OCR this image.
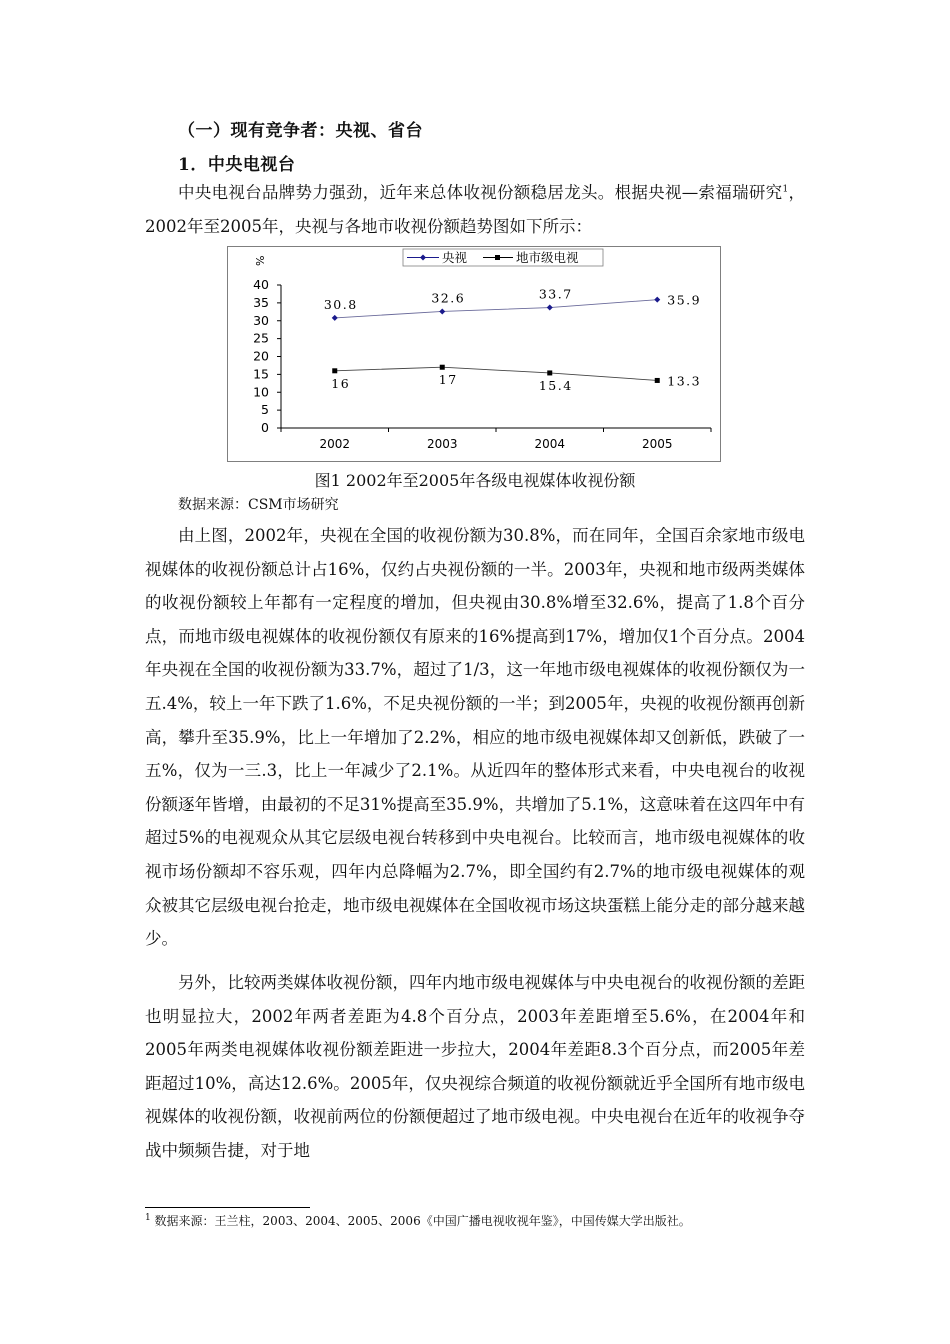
（一）现有竞争者：央视、省台
1．中央电视台

中央电视台品牌势力强劲，近年来总体收视份额稳居龙头。根据央视—索福瑞研究$^1$，2002年至2005年，央视与各地市收视份额趋势图如下所示：

央视	地市级电视
%
0
5
10
15
20
25
30
35
40
2002	2003	2004	2005
30.8	32.6	33.7	35.9
16	17	15.4	13.3
图1 2002年至2005年各级电视媒体收视份额
数据来源：CSM市场研究

由上图，2002年，央视在全国的收视份额为30.8%，而在同年，全国百余家地市级电视媒体的收视份额总计占16%，仅约占央视份额的一半。2003年，央视和地市级两类媒体的收视份额较上年都有一定程度的增加，但央视由30.8%增至32.6%，提高了1.8个百分点，而地市级电视媒体的收视份额仅有原来的16%提高到17%，增加仅1个百分点。2004年央视在全国的收视份额为33.7%，超过了1/3，这一年地市级电视媒体的收视份额仅为一五.4%，较上一年下跌了1.6%，不足央视份额的一半；到2005年，央视的收视份额再创新高，攀升至35.9%，比上一年增加了2.2%，相应的地市级电视媒体却又创新低，跌破了一五%，仅为一三.3，比上一年减少了2.1%。从近四年的整体形式来看，中央电视台的收视份额逐年皆增，由最初的不足31%提高至35.9%，共增加了5.1%，这意味着在这四年中有超过5%的电视观众从其它层级电视台转移到中央电视台。比较而言，地市级电视媒体的收视市场份额却不容乐观，四年内总降幅为2.7%，即全国约有2.7%的地市级电视媒体的观众被其它层级电视台抢走，地市级电视媒体在全国收视市场这块蛋糕上能分走的部分越来越少。

另外，比较两类媒体收视份额，四年内地市级电视媒体与中央电视台的收视份额的差距也明显拉大，2002年两者差距为4.8个百分点，2003年差距增至5.6%，在2004年和2005年两类电视媒体收视份额差距进一步拉大，2004年差距8.3个百分点，而2005年差距超过10%，高达12.6%。2005年，仅央视综合频道的收视份额就近乎全国所有地市级电视媒体的收视份额，收视前两位的份额便超过了地市级电视。中央电视台在近年的收视争夺战中频频告捷，对于地

$^1$ 数据来源：王兰柱，2003、2004、2005、2006《中国广播电视收视年鉴》，中国传媒大学出版社。
